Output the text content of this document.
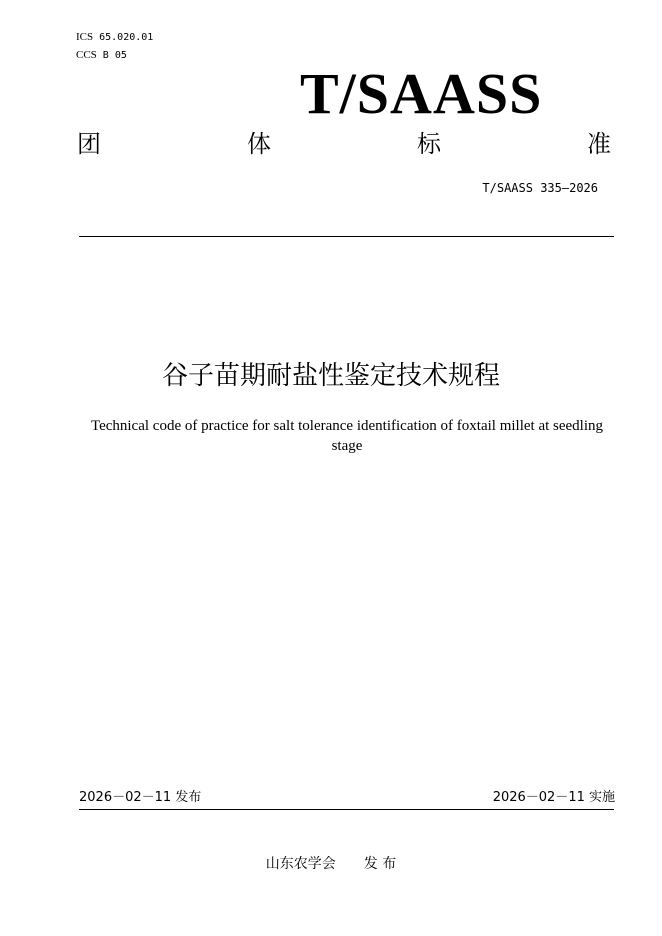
ICS 65.020.01
CCS B 05
T/SAASS
团	体	标	准
T/SAASS 335—2026
谷子苗期耐盐性鉴定技术规程
Technical code of practice for salt tolerance identification of foxtail millet at seedling stage
2026－02－11 发布	2026－02－11 实施
山东农学会　　发 布
